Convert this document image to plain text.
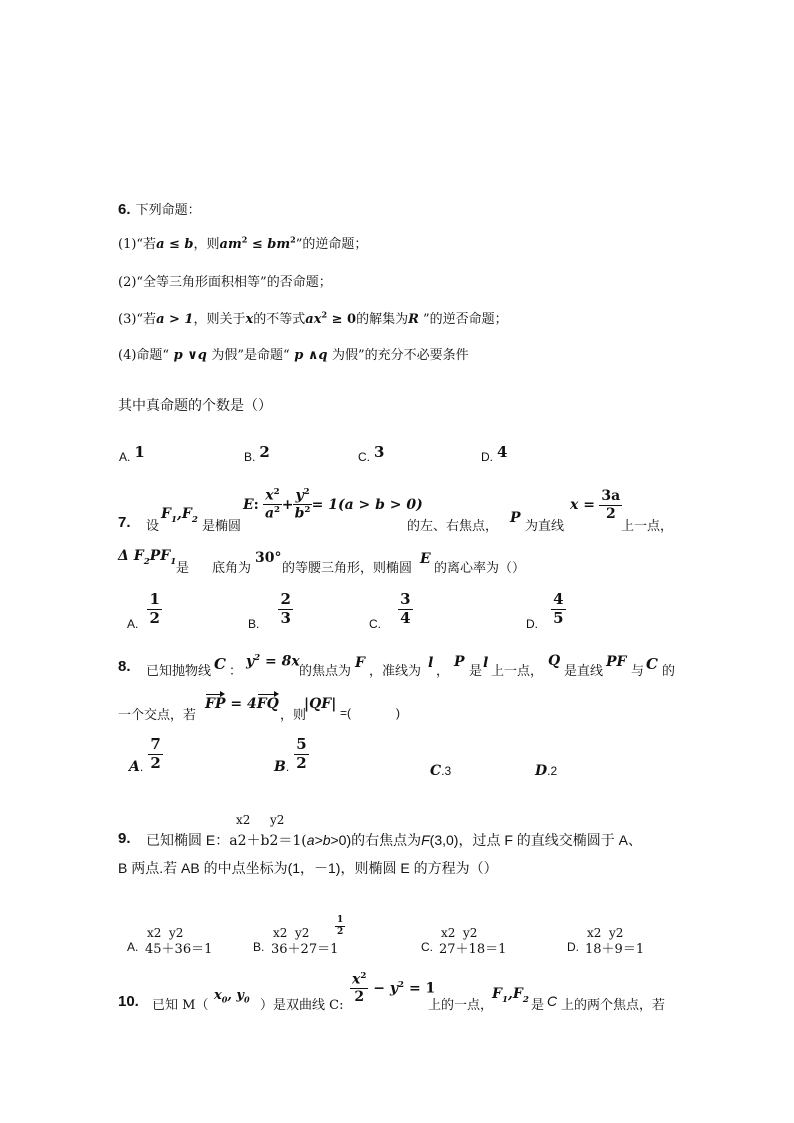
6. 下列命题：
(1)“若a ≤ b，则$am^2 \le bm^2$”的逆命题；
(2)“全等三角形面积相等”的否命题；
(3)“若a > 1，则关于x的不等式$ax^2 \ge 0$的解集为R ”的逆否命题；
(4)命题“ p ∨q 为假”是命题“ p ∧q 为假”的充分不必要条件
其中真命题的个数是（）
A. 1	B. 2	C. 3	D. 4
7. 设
$F_1,F_2$ 是椭圆
E: $\frac{x^2}{a^2} + \frac{y^2}{b^2} = 1(a > b > 0)$
的左、右焦点，
P
为直线
$x = \frac{3a}{2}$
上一点，
Δ $F_2PF_1$ 是 底角为
30°
的等腰三角形，则椭圆
E
的离心率为（）
$_{A.} \frac{1}{2}$	$_{B.} \frac{2}{3}$	$_{C.} \frac{3}{4}$	$_{D.} \frac{4}{5}$
8. 已知抛物线 C ：
$y^2 = 8x$
的焦点为
F
，准线为
l
，
P
是
l
上一点，
Q
是直线
PF
与 C 的
一个交点，若
FP = 4FQ
，则
|QF|
=(	)
$A_. \frac{7}{2}$	$B_. \frac{5}{2}$	C.3	D.2
x2 y2
9. 已知椭圆 E：a2＋b2＝1(a>b>0)的右焦点为F(3,0)，过点 F 的直线交椭圆于 A、
B 两点.若 AB 的中点坐标为(1，－1)，则椭圆 E 的方程为（）
x2  y2
A. 45＋36＝1
x2  y2
B. 36＋27＝1
$\frac{1}{2}$	x2  y2
C. 27＋18＝1
x2  y2
D. 18＋9＝1
10. 已知 M（
$x_0$, $y_0$ ）是双曲线 C:
$\frac{x^2}{2} - y^2 = 1$
上的一点，
$F_1,F_2$ 是 C 上的两个焦点，若
